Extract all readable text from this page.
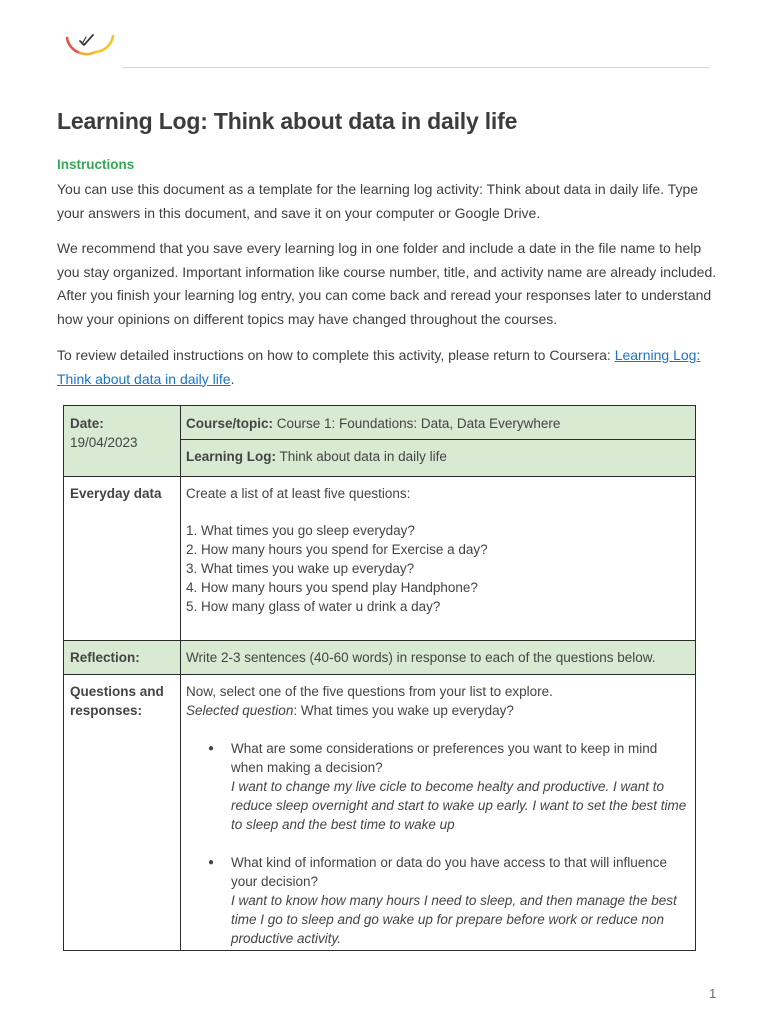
Learning Log: Think about data in daily life
Instructions

You can use this document as a template for the learning log activity: Think about data in daily life. Type your answers in this document, and save it on your computer or Google Drive.

We recommend that you save every learning log in one folder and include a date in the file name to help you stay organized. Important information like course number, title, and activity name are already included. After you finish your learning log entry, you can come back and reread your responses later to understand how your opinions on different topics may have changed throughout the courses.

To review detailed instructions on how to complete this activity, please return to Coursera: Learning Log: Think about data in daily life.

Date:
19/04/2023
Course/topic: Course 1: Foundations: Data, Data Everywhere
Learning Log: Think about data in daily life
Everyday data	Create a list of at least five questions:
1. What times you go sleep everyday?
2. How many hours you spend for Exercise a day?
3. What times you wake up everyday?
4. How many hours you spend play Handphone?
5. How many glass of water u drink a day?
Reflection:	Write 2-3 sentences (40-60 words) in response to each of the questions below.
Questions and responses:
Now, select one of the five questions from your list to explore.
Selected question: What times you wake up everyday?
● What are some considerations or preferences you want to keep in mind when making a decision?
I want to change my live cicle to become healty and productive. I want to reduce sleep overnight and start to wake up early. I want to set the best time to sleep and the best time to wake up
● What kind of information or data do you have access to that will influence your decision?
I want to know how many hours I need to sleep, and then manage the best time I go to sleep and go wake up for prepare before work or reduce non productive activity.
1
